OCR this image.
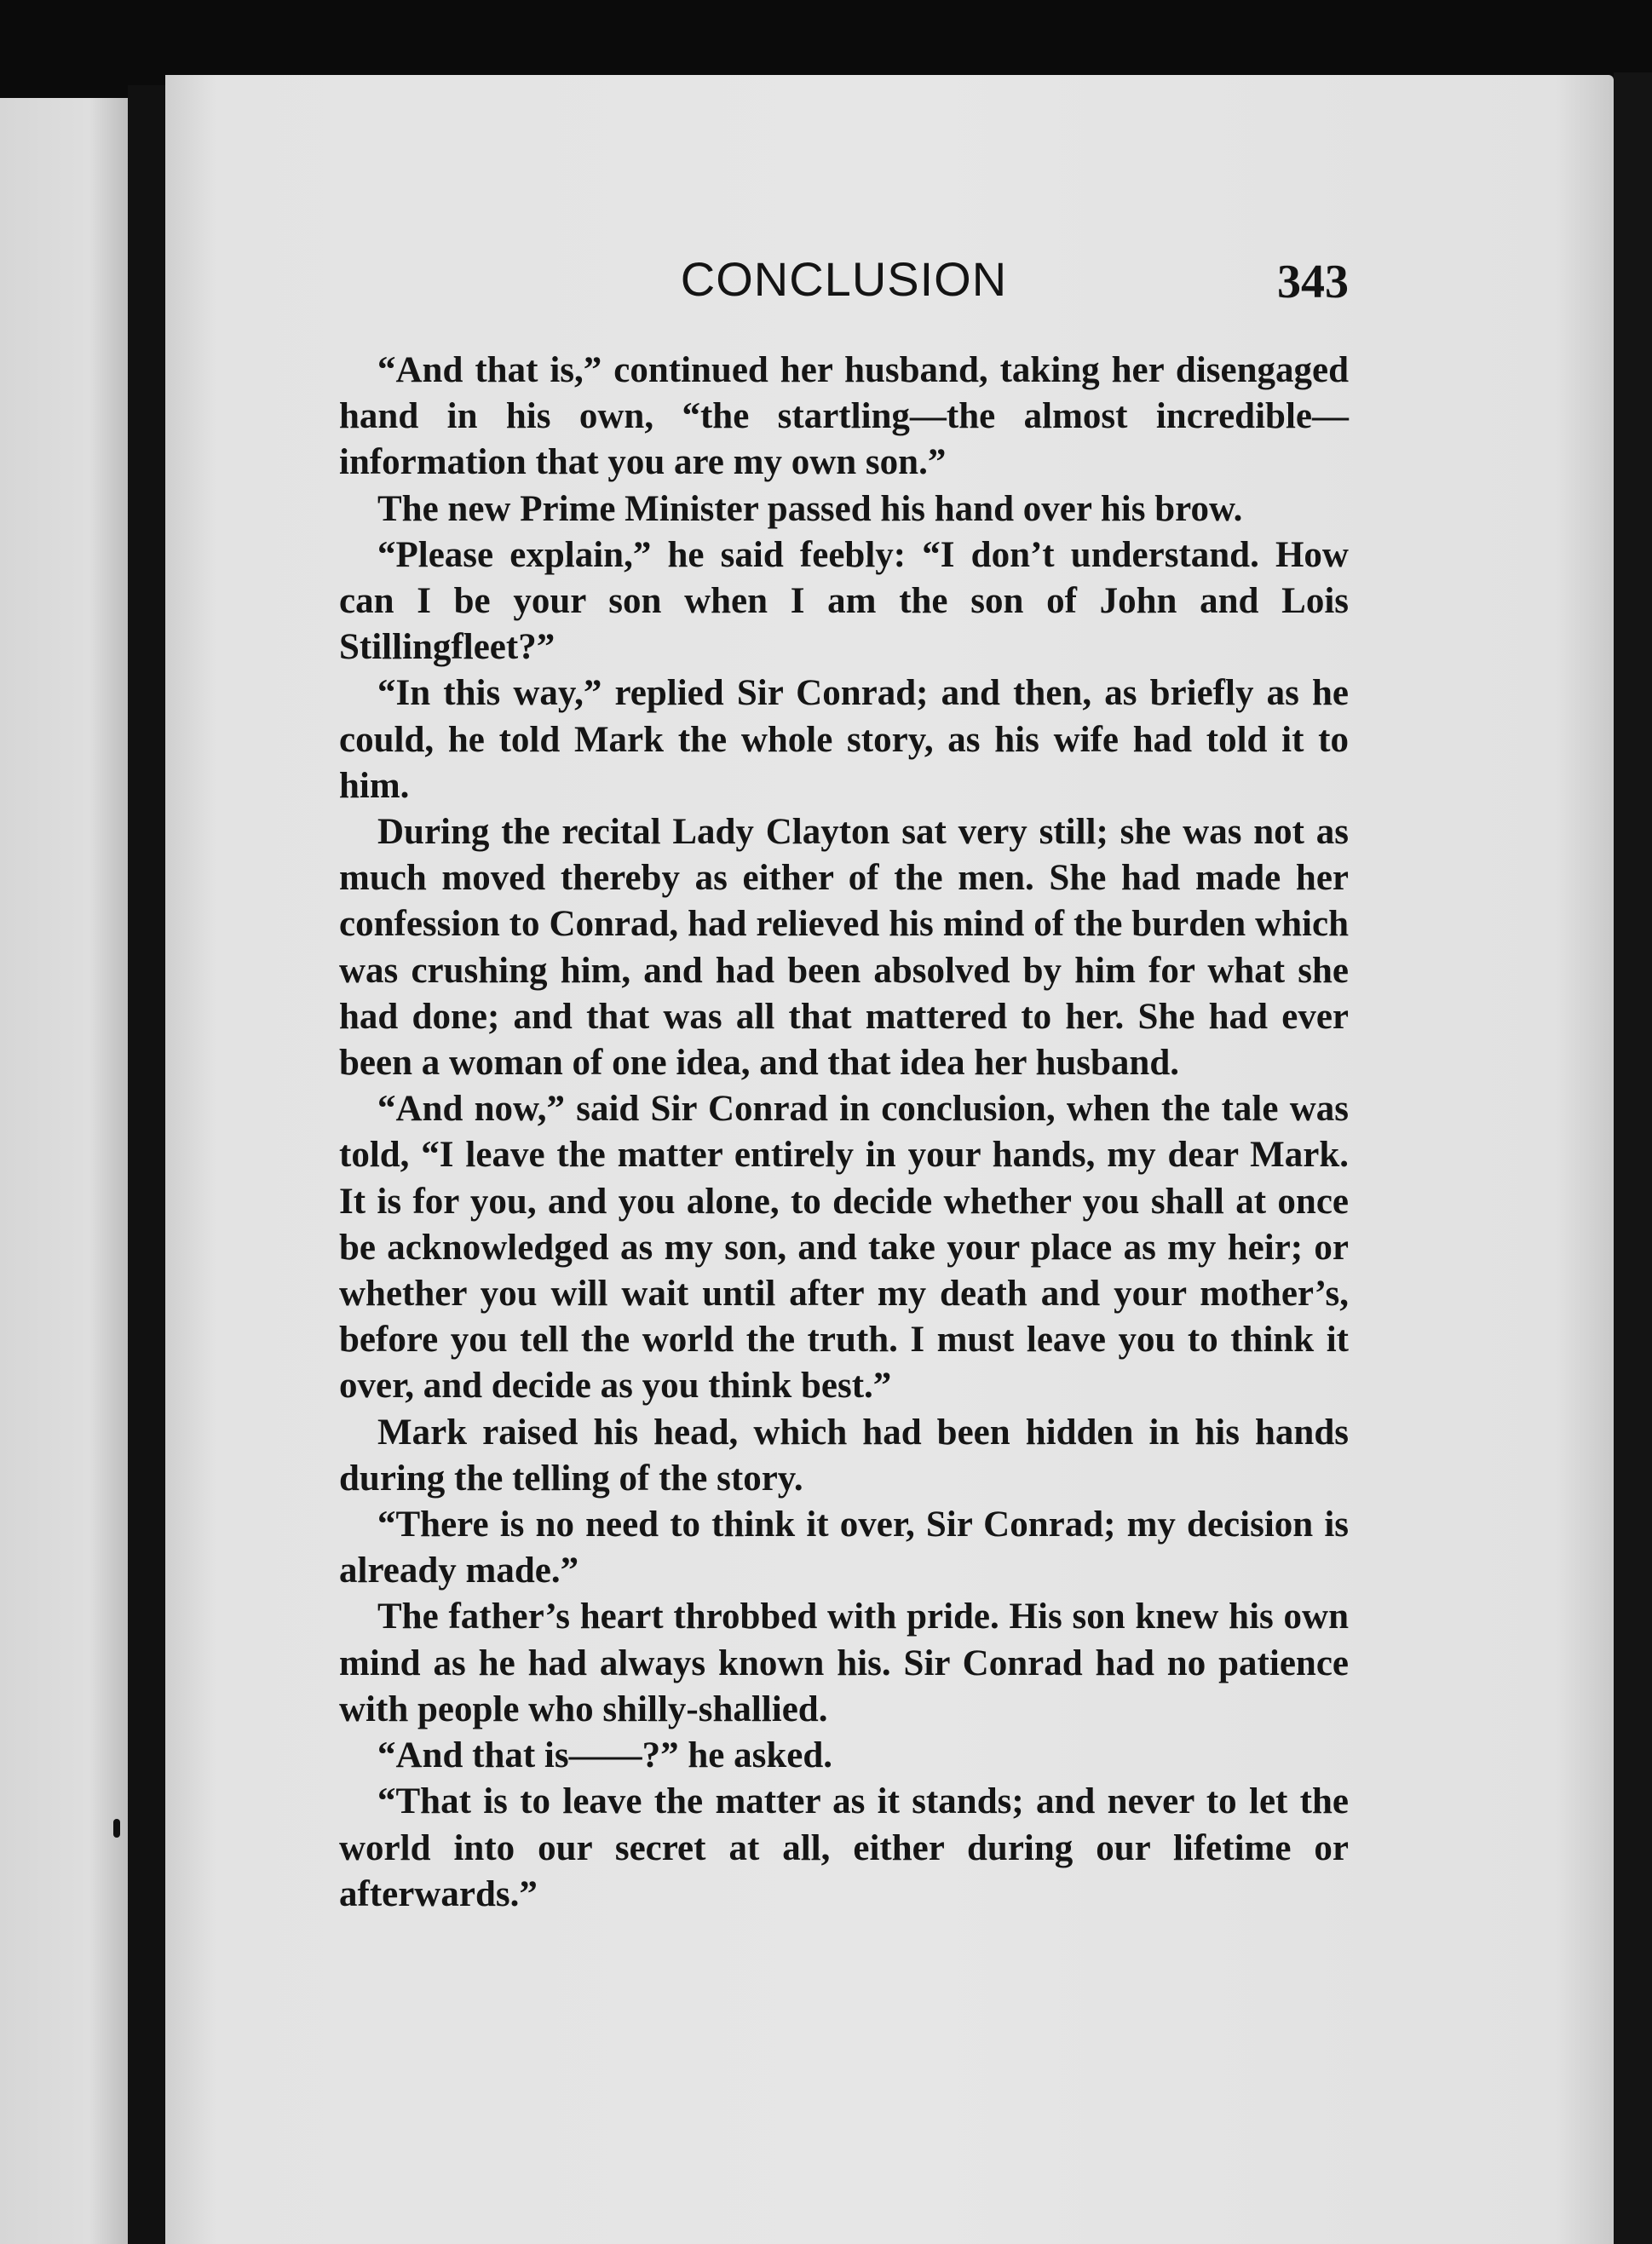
CONCLUSION	343

“And that is,” continued her husband, taking her disengaged hand in his own, “the startling—the almost incredible—information that you are my own son.”

The new Prime Minister passed his hand over his brow.

“Please explain,” he said feebly: “I don’t understand. How can I be your son when I am the son of John and Lois Stillingfleet?”

“In this way,” replied Sir Conrad; and then, as briefly as he could, he told Mark the whole story, as his wife had told it to him.

During the recital Lady Clayton sat very still; she was not as much moved thereby as either of the men. She had made her confession to Conrad, had relieved his mind of the burden which was crushing him, and had been absolved by him for what she had done; and that was all that mattered to her. She had ever been a woman of one idea, and that idea her husband.

“And now,” said Sir Conrad in conclusion, when the tale was told, “I leave the matter entirely in your hands, my dear Mark. It is for you, and you alone, to decide whether you shall at once be acknowledged as my son, and take your place as my heir; or whether you will wait until after my death and your mother’s, before you tell the world the truth. I must leave you to think it over, and decide as you think best.”

Mark raised his head, which had been hidden in his hands during the telling of the story.

“There is no need to think it over, Sir Conrad; my decision is already made.”

The father’s heart throbbed with pride. His son knew his own mind as he had always known his. Sir Conrad had no patience with people who shilly-shallied.

“And that is——?” he asked.

“That is to leave the matter as it stands; and never to let the world into our secret at all, either during our lifetime or afterwards.”
